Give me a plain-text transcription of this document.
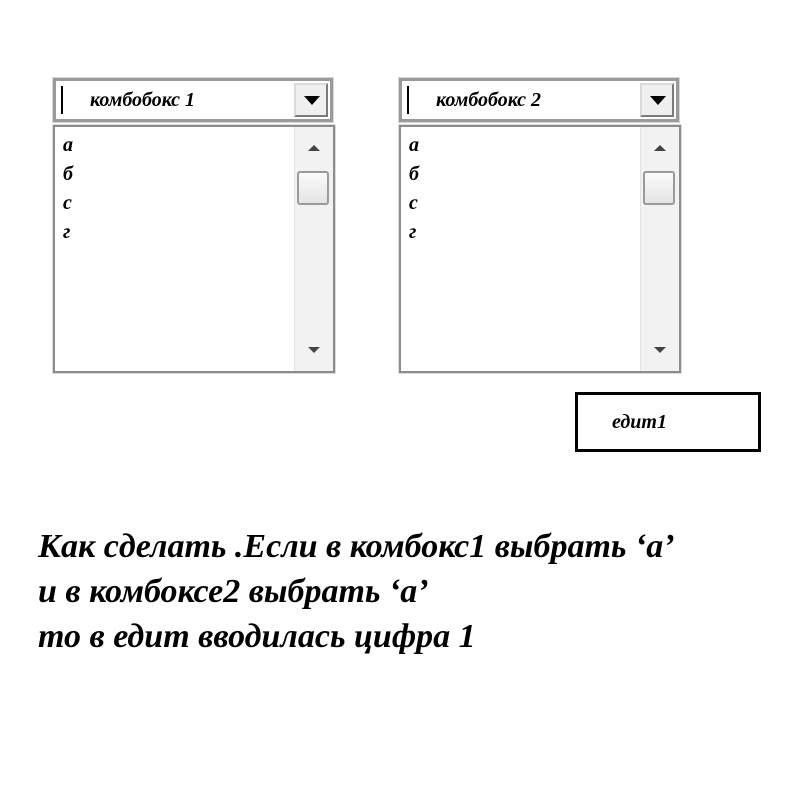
комбобокс 1
а
б
с
г
комбобокс 2
а
б
с
г
едит1
Как сделать .Если в комбокс1 выбрать ‘а’
и в комбоксе2 выбрать ‘а’
то в едит вводилась цифра 1
